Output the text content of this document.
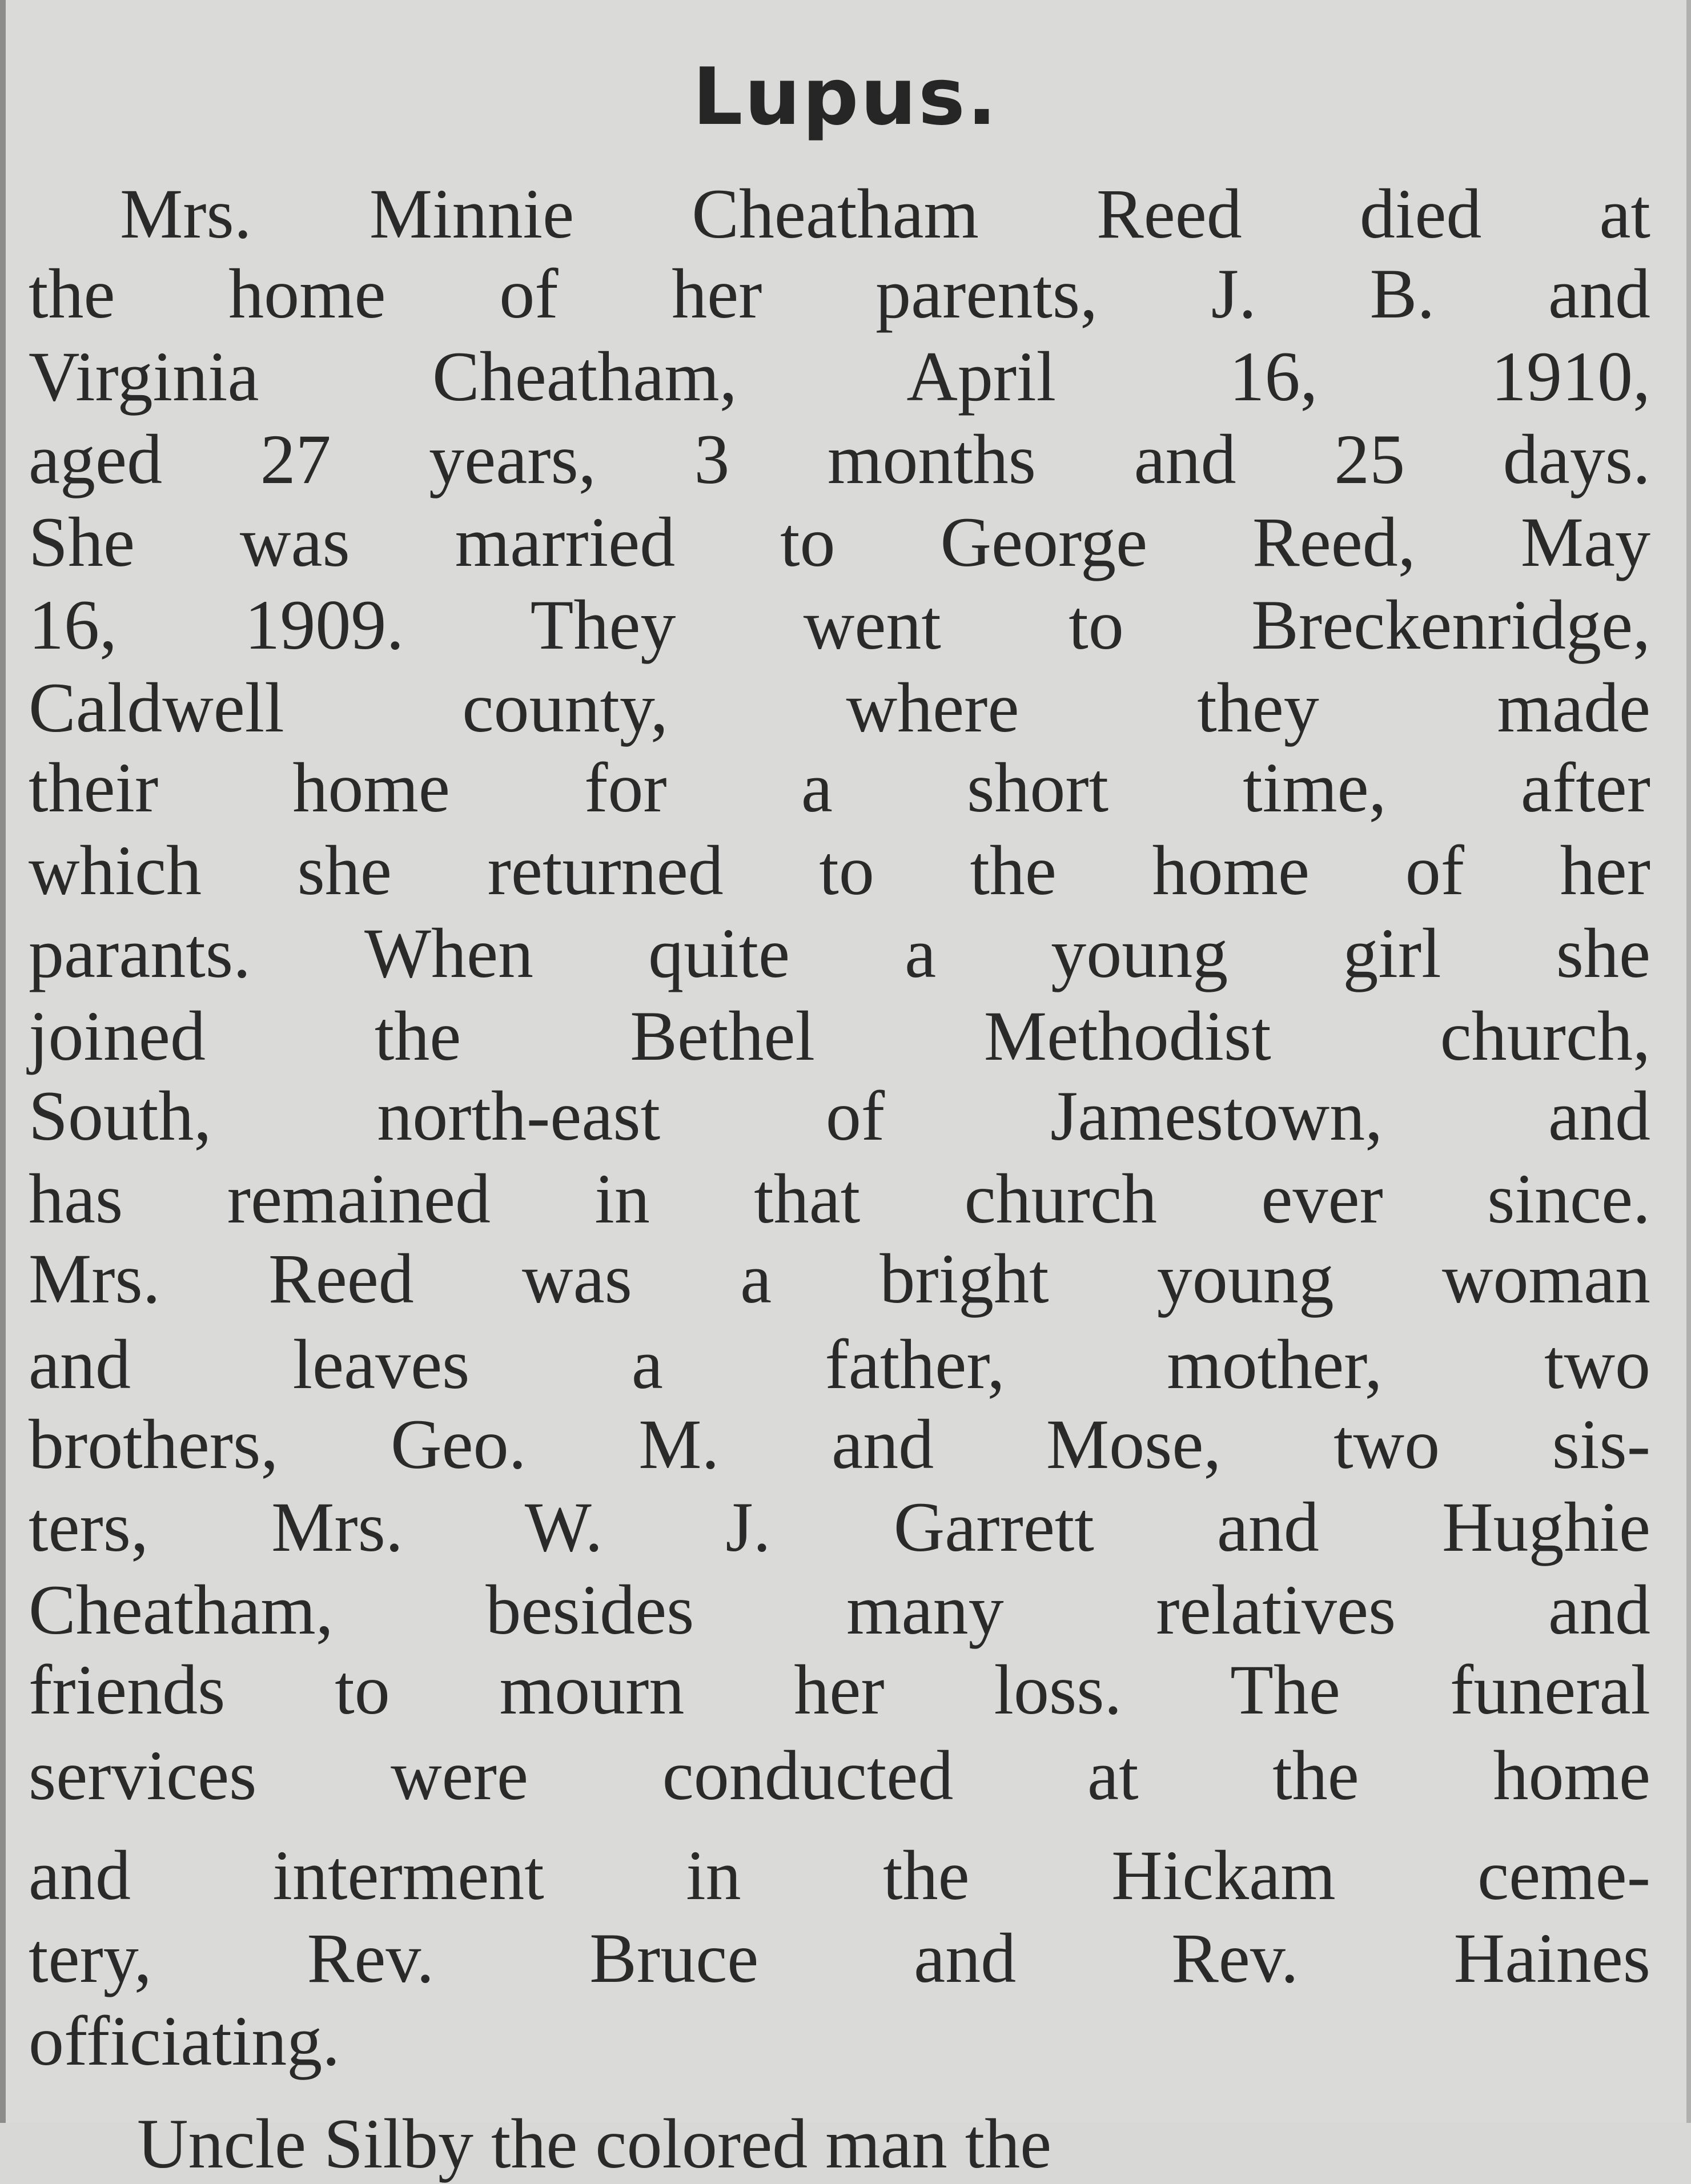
Lupus.
Mrs. Minnie Cheatham Reed died at
the home of her parents, J. B. and
Virginia Cheatham, April 16, 1910,
aged 27 years, 3 months and 25 days.
She was married to George Reed, May
16, 1909. They went to Breckenridge,
Caldwell county, where they made
their home for a short time, after
which she returned to the home of her
parants. When quite a young girl she
joined the Bethel Methodist church,
South, north-east of Jamestown, and
has remained in that church ever since.
Mrs. Reed was a bright young woman
and leaves a father, mother, two
brothers, Geo. M. and Mose, two sis-
ters, Mrs. W. J. Garrett and Hughie
Cheatham, besides many relatives and
friends to mourn her loss. The funeral
services were conducted at the home
and interment in the Hickam ceme-
tery, Rev. Bruce and Rev. Haines
officiating.
Uncle Silby the colored man the
